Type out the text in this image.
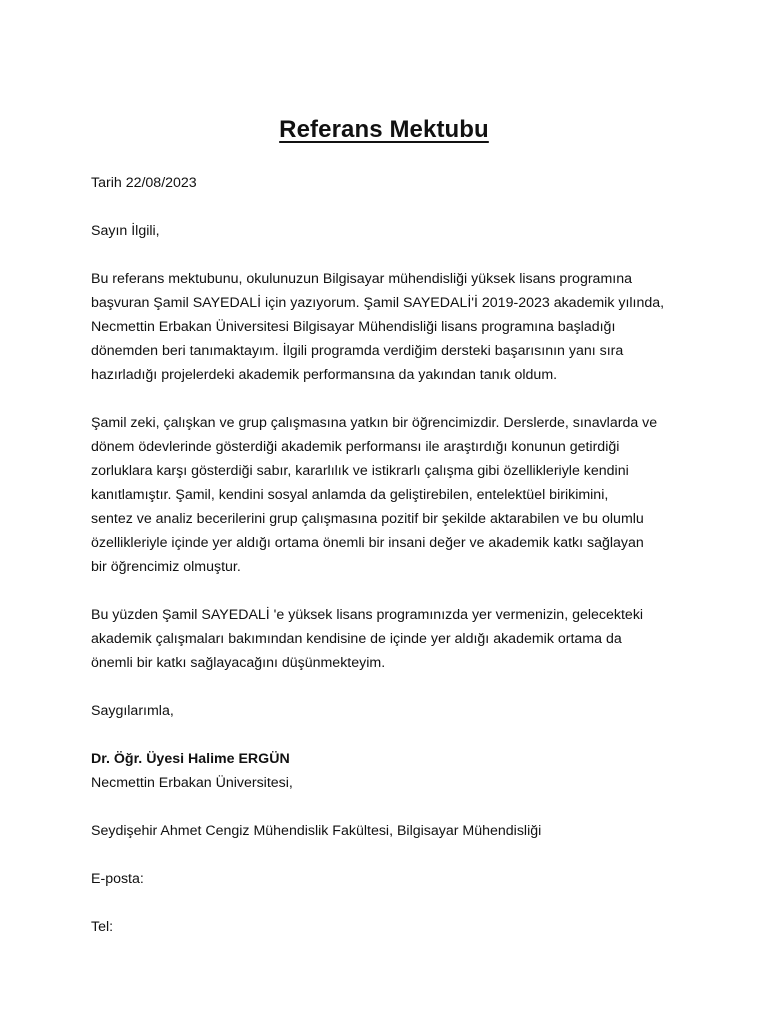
Referans Mektubu
Tarih 22/08/2023
Sayın İlgili,
Bu referans mektubunu, okulunuzun Bilgisayar mühendisliği yüksek lisans programına
başvuran Şamil SAYEDALİ için yazıyorum. Şamil SAYEDALİ'İ 2019-2023 akademik yılında,
Necmettin Erbakan Üniversitesi Bilgisayar Mühendisliği lisans programına başladığı
dönemden beri tanımaktayım. İlgili programda verdiğim dersteki başarısının yanı sıra
hazırladığı projelerdeki akademik performansına da yakından tanık oldum.
Şamil zeki, çalışkan ve grup çalışmasına yatkın bir öğrencimizdir. Derslerde, sınavlarda ve
dönem ödevlerinde gösterdiği akademik performansı ile araştırdığı konunun getirdiği
zorluklara karşı gösterdiği sabır, kararlılık ve istikrarlı çalışma gibi özellikleriyle kendini
kanıtlamıştır. Şamil, kendini sosyal anlamda da geliştirebilen, entelektüel birikimini,
sentez ve analiz becerilerini grup çalışmasına pozitif bir şekilde aktarabilen ve bu olumlu
özellikleriyle içinde yer aldığı ortama önemli bir insani değer ve akademik katkı sağlayan
bir öğrencimiz olmuştur.
Bu yüzden Şamil SAYEDALİ 'e yüksek lisans programınızda yer vermenizin, gelecekteki
akademik çalışmaları bakımından kendisine de içinde yer aldığı akademik ortama da
önemli bir katkı sağlayacağını düşünmekteyim.
Saygılarımla,
Dr. Öğr. Üyesi Halime ERGÜN
Necmettin Erbakan Üniversitesi,
Seydişehir Ahmet Cengiz Mühendislik Fakültesi, Bilgisayar Mühendisliği
E-posta:
Tel:
